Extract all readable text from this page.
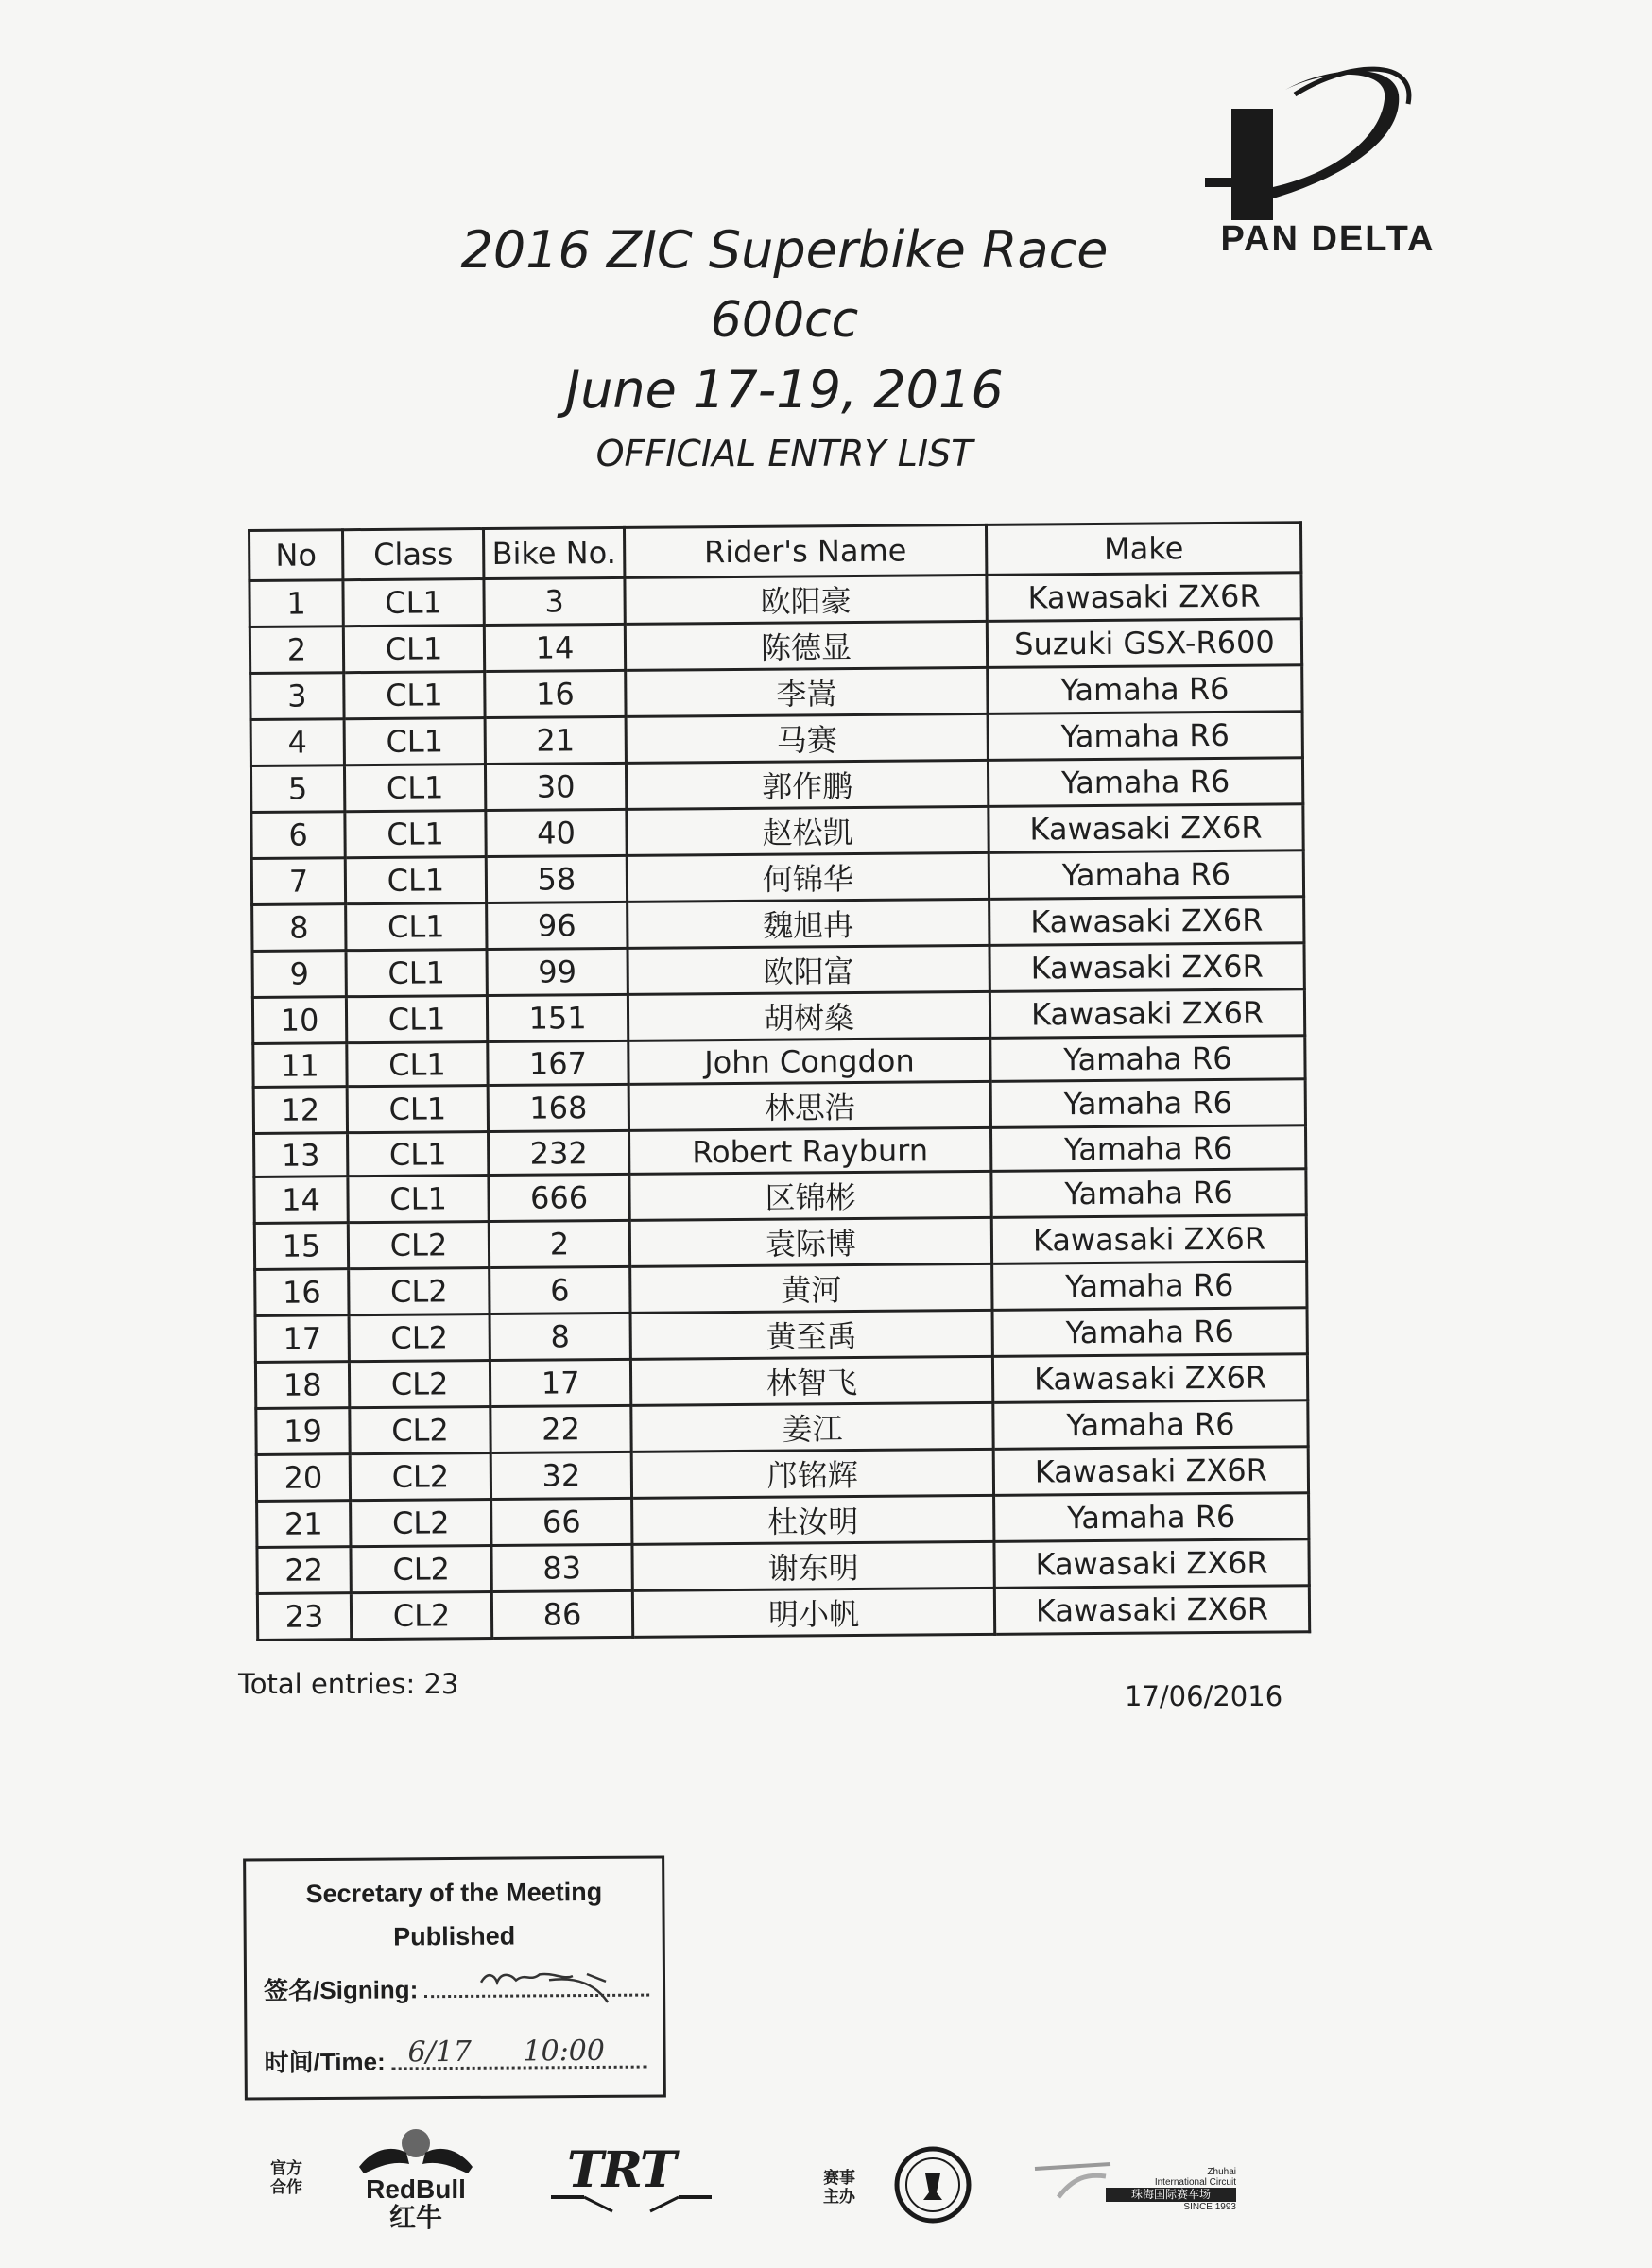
PAN DELTA
2016 ZIC Superbike Race
600cc
June 17-19, 2016
OFFICIAL ENTRY LIST
No	Class	Bike No.	Rider's Name	Make
1	CL1	3	欧阳豪	Kawasaki ZX6R
2	CL1	14	陈德显	Suzuki GSX-R600
3	CL1	16	李嵩	Yamaha R6
4	CL1	21	马赛	Yamaha R6
5	CL1	30	郭作鹏	Yamaha R6
6	CL1	40	赵松凯	Kawasaki ZX6R
7	CL1	58	何锦华	Yamaha R6
8	CL1	96	魏旭冉	Kawasaki ZX6R
9	CL1	99	欧阳富	Kawasaki ZX6R
10	CL1	151	胡树燊	Kawasaki ZX6R
11	CL1	167	John Congdon	Yamaha R6
12	CL1	168	林思浩	Yamaha R6
13	CL1	232	Robert Rayburn	Yamaha R6
14	CL1	666	区锦彬	Yamaha R6
15	CL2	2	袁际博	Kawasaki ZX6R
16	CL2	6	黄河	Yamaha R6
17	CL2	8	黄至禹	Yamaha R6
18	CL2	17	林智飞	Kawasaki ZX6R
19	CL2	22	姜江	Yamaha R6
20	CL2	32	邝铭辉	Kawasaki ZX6R
21	CL2	66	杜汝明	Yamaha R6
22	CL2	83	谢东明	Kawasaki ZX6R
23	CL2	86	明小帆	Kawasaki ZX6R
Total entries: 23	17/06/2016
Secretary of the Meeting
Published
签名/Signing:
时间/Time: 6/17 10:00
官方合作	RedBull
红牛
TRT	赛事主办
Zhuhai
International Circuit
珠海国际赛车场
SINCE 1993
